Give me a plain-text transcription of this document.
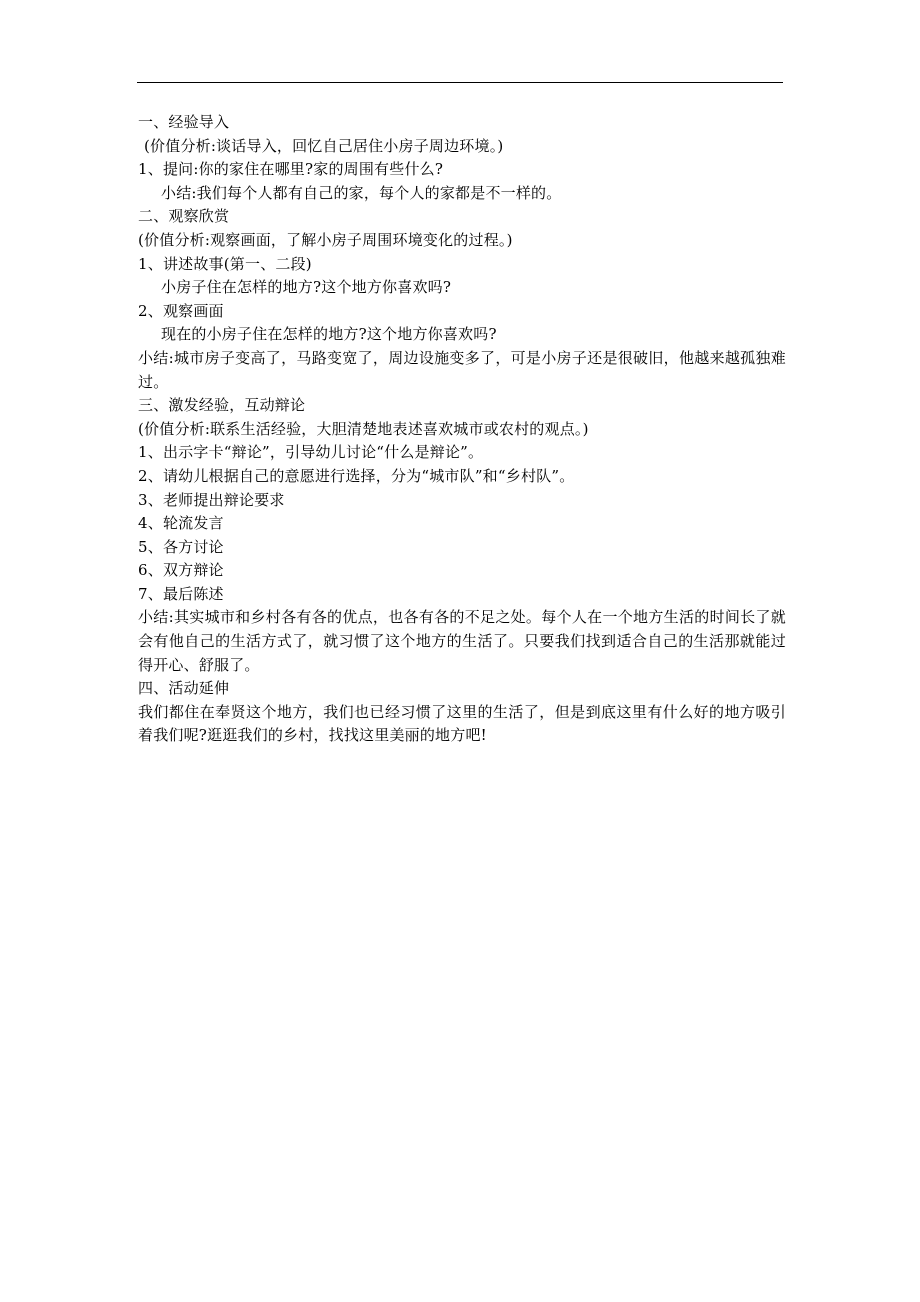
一、经验导入
(价值分析:谈话导入，回忆自己居住小房子周边环境。)
1、提问:你的家住在哪里?家的周围有些什么?
小结:我们每个人都有自己的家，每个人的家都是不一样的。
二、观察欣赏
(价值分析:观察画面，了解小房子周围环境变化的过程。)
1、讲述故事(第一、二段)
小房子住在怎样的地方?这个地方你喜欢吗?
2、观察画面
现在的小房子住在怎样的地方?这个地方你喜欢吗?
小结:城市房子变高了，马路变宽了，周边设施变多了，可是小房子还是很破旧，他越来越孤独难过。
三、激发经验，互动辩论
(价值分析:联系生活经验，大胆清楚地表述喜欢城市或农村的观点。)
1、出示字卡“辩论”，引导幼儿讨论“什么是辩论”。
2、请幼儿根据自己的意愿进行选择，分为“城市队”和“乡村队”。
3、老师提出辩论要求
4、轮流发言
5、各方讨论
6、双方辩论
7、最后陈述
小结:其实城市和乡村各有各的优点，也各有各的不足之处。每个人在一个地方生活的时间长了就会有他自己的生活方式了，就习惯了这个地方的生活了。只要我们找到适合自己的生活那就能过得开心、舒服了。
四、活动延伸
我们都住在奉贤这个地方，我们也已经习惯了这里的生活了，但是到底这里有什么好的地方吸引着我们呢?逛逛我们的乡村，找找这里美丽的地方吧!
